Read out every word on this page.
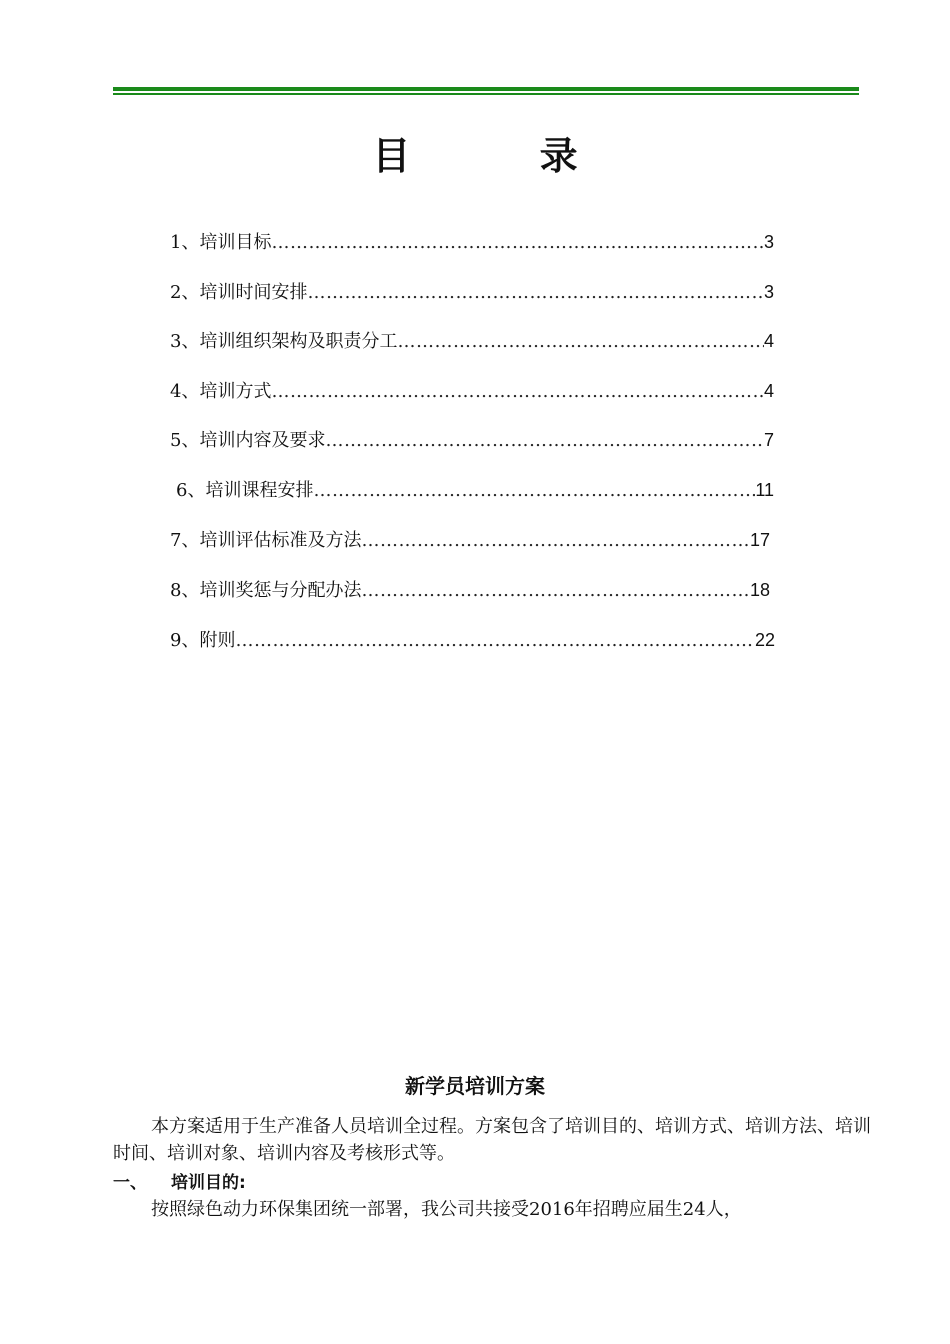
目 录
1、培训目标 …………………………………………………………………………………………………………………………………………………………………………………	3
2、培训时间安排 …………………………………………………………………………………………………………………………………………………………………………………	3
3、培训组织架构及职责分工 …………………………………………………………………………………………………………………………………………………………………………………	4
4、培训方式 …………………………………………………………………………………………………………………………………………………………………………………	4
5、培训内容及要求 …………………………………………………………………………………………………………………………………………………………………………………	7
6、培训课程安排 …………………………………………………………………………………………………………………………………………………………………………………	11
7、培训评估标准及方法 …………………………………………………………………………………………………………………………………………………………………………………	17
8、培训奖惩与分配办法 …………………………………………………………………………………………………………………………………………………………………………………	18
9、附则 …………………………………………………………………………………………………………………………………………………………………………………	22
新学员培训方案
本方案适用于生产准备人员培训全过程。方案包含了培训目的、培训方式、培训方法、培训时间、培训对象、培训内容及考核形式等。
一、	培训目的:
按照绿色动力环保集团统一部署，我公司共接受2016年招聘应届生24人，
